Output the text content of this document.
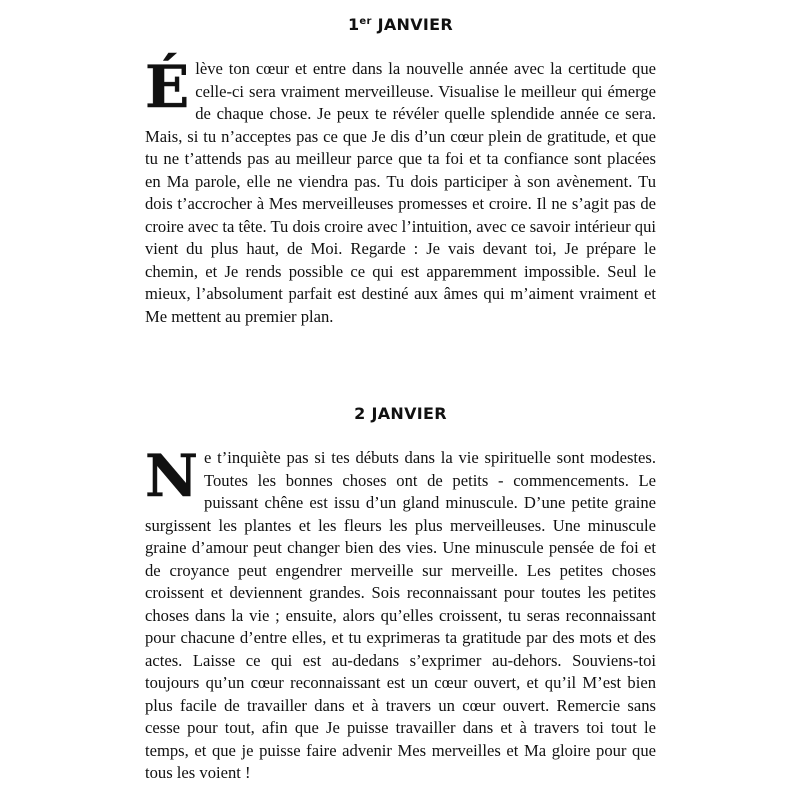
1er JANVIER

Élève ton cœur et entre dans la nouvelle année avec la certitude que celle-ci sera vraiment merveilleuse. Visualise le meilleur qui émerge de chaque chose. Je peux te révéler quelle splendide année ce sera. Mais, si tu n’acceptes pas ce que Je dis d’un cœur plein de gratitude, et que tu ne t’attends pas au meilleur parce que ta foi et ta confiance sont placées en Ma parole, elle ne viendra pas. Tu dois participer à son avènement. Tu dois t’accrocher à Mes merveilleuses promesses et croire. Il ne s’agit pas de croire avec ta tête. Tu dois croire avec l’intuition, avec ce savoir intérieur qui vient du plus haut, de Moi. Regarde : Je vais devant toi, Je prépare le chemin, et Je rends possible ce qui est apparemment impossible. Seul le mieux, l’absolument parfait est destiné aux âmes qui m’aiment vraiment et Me mettent au premier plan.

2 JANVIER

Ne t’inquiète pas si tes débuts dans la vie spirituelle sont modestes. Toutes les bonnes choses ont de petits - commencements. Le puissant chêne est issu d’un gland minuscule. D’une petite graine surgissent les plantes et les fleurs les plus merveilleuses. Une minuscule graine d’amour peut changer bien des vies. Une minuscule pensée de foi et de croyance peut engendrer merveille sur merveille. Les petites choses croissent et deviennent grandes. Sois reconnaissant pour toutes les petites choses dans la vie ; ensuite, alors qu’elles croissent, tu seras reconnaissant pour chacune d’entre elles, et tu exprimeras ta gratitude par des mots et des actes. Laisse ce qui est au-dedans s’exprimer au-dehors. Souviens-toi toujours qu’un cœur reconnaissant est un cœur ouvert, et qu’il M’est bien plus facile de travailler dans et à travers un cœur ouvert. Remercie sans cesse pour tout, afin que Je puisse travailler dans et à travers toi tout le temps, et que je puisse faire advenir Mes merveilles et Ma gloire pour que tous les voient !
